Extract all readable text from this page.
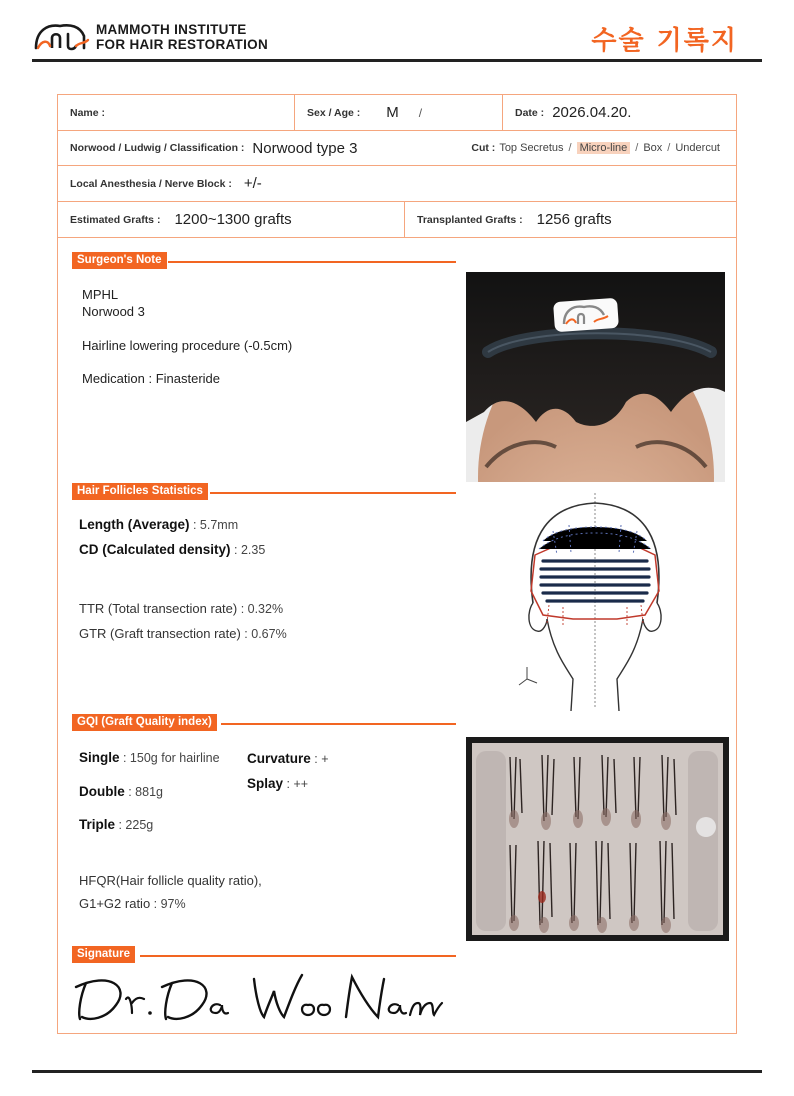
MAMMOTH INSTITUTE
FOR HAIR RESTORATION	수술 기록지
Name :	Sex / Age : M /	Date : 2026.04.20.
Norwood / Ludwig / Classification : Norwood type 3	Cut : Top Secretus / Micro-line / Box / Undercut
Local Anesthesia / Nerve Block : +/-
Estimated Grafts : 1200~1300 grafts	Transplanted Grafts : 1256 grafts
Surgeon's Note
MPHL
Norwood 3
Hairline lowering procedure (-0.5cm)
Medication : Finasteride
Hair Follicles Statistics
Length (Average) : 5.7mm
CD (Calculated density) : 2.35
TTR (Total transection rate) : 0.32%
GTR (Graft transection rate) : 0.67%
GQI (Graft Quality index)
Single : 150g for hairline
Double : 881g
Triple : 225g
Curvature : +
Splay : ++
HFQR(Hair follicle quality ratio),
G1+G2 ratio : 97%
Signature
